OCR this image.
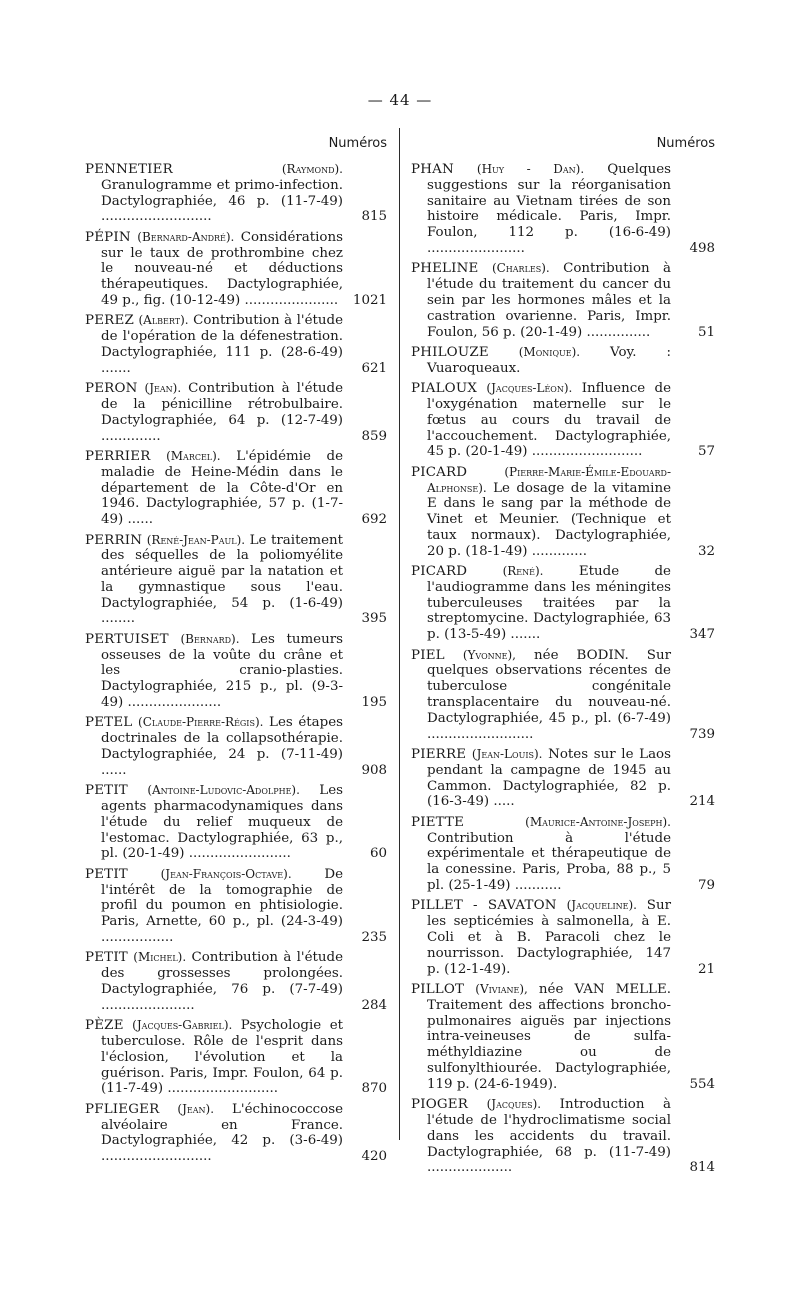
— 44 —
Numéros
PENNETIER	(Raymond). Granulogramme et primo-infection. Dactylographiée, 46 p. (11-7-49) ..........................	815
PÉPIN (Bernard-André). Considérations sur le taux de prothrombine chez le nouveau-né et déductions thérapeutiques. Dactylographiée, 49 p., fig. (10-12-49) ......................	1021
PEREZ (Albert). Contribution à l'étude de l'opération de la défenestration. Dactylographiée, 111 p. (28-6-49) .......	621
PERON (Jean). Contribution à l'étude de la pénicilline rétrobulbaire. Dactylographiée, 64 p. (12-7-49) ..............	859
PERRIER (Marcel). L'épidémie de maladie de Heine-Médin dans le département de la Côte-d'Or en 1946. Dactylographiée, 57 p. (1-7-49) ......	692
PERRIN (René-Jean-Paul). Le traitement des séquelles de la poliomyélite antérieure aiguë par la natation et la gymnastique sous l'eau. Dactylographiée, 54 p. (1-6-49) ........	395
PERTUISET (Bernard). Les tumeurs osseuses de la voûte du crâne et les cranio-plasties. Dactylographiée, 215 p., pl. (9-3-49) ......................	195
PETEL (Claude-Pierre-Régis). Les étapes doctrinales de la collapsothérapie. Dactylographiée, 24 p. (7-11-49) ......	908
PETIT (Antoine-Ludovic-Adolphe). Les agents pharmacodynamiques dans l'étude du relief muqueux de l'estomac. Dactylographiée, 63 p., pl. (20-1-49) ........................	60
PETIT	(Jean-François-Octave). De l'intérêt de la tomographie de profil du poumon en phtisiologie. Paris, Arnette, 60 p., pl. (24-3-49) .................	235
PETIT (Michel). Contribution à l'étude des grossesses prolongées. Dactylographiée, 76 p. (7-7-49) ......................	284
PÈZE (Jacques-Gabriel). Psychologie et tuberculose. Rôle de l'esprit dans l'éclosion, l'évolution et la guérison. Paris, Impr. Foulon, 64 p. (11-7-49) ..........................	870
PFLIEGER (Jean). L'échinococcose alvéolaire en France. Dactylographiée, 42 p. (3-6-49) ..........................	420
Numéros
PHAN (Huy - Dan). Quelques suggestions sur la réorganisation sanitaire au Vietnam tirées de son histoire médicale. Paris, Impr. Foulon, 112 p. (16-6-49) .......................	498
PHELINE (Charles). Contribution à l'étude du traitement du cancer du sein par les hormones mâles et la castration ovarienne. Paris, Impr. Foulon, 56 p. (20-1-49) ...............	51
PHILOUZE (Monique). Voy. : Vuaroqueaux.
PIALOUX (Jacques-Léon). Influence de l'oxygénation maternelle sur le fœtus au cours du travail de l'accouchement. Dactylographiée, 45 p. (20-1-49) ..........................	57
PICARD	(Pierre-Marie-Émile-Edouard-Alphonse). Le dosage de la vitamine E dans le sang par la méthode de Vinet et Meunier. (Technique et taux normaux). Dactylographiée, 20 p. (18-1-49) .............	32
PICARD	(René). Etude de l'audiogramme dans les méningites tuberculeuses traitées par la streptomycine. Dactylographiée, 63 p. (13-5-49) .......	347
PIEL (Yvonne), née BODIN. Sur quelques observations récentes de tuberculose congénitale transplacentaire du nouveau-né. Dactylographiée, 45 p., pl. (6-7-49) .........................	739
PIERRE (Jean-Louis). Notes sur le Laos pendant la campagne de 1945 au Cammon. Dactylographiée, 82 p. (16-3-49) .....	214
PIETTE	(Maurice-Antoine-Joseph). Contribution à l'étude expérimentale et thérapeutique de la conessine. Paris, Proba, 88 p., 5 pl. (25-1-49) ...........	79
PILLET - SAVATON (Jacqueline). Sur les septicémies à salmonella, à E. Coli et à B. Paracoli chez le nourrisson. Dactylographiée, 147 p. (12-1-49).	21
PILLOT (Viviane), née VAN MELLE. Traitement des affections broncho-pulmonaires aiguës par injections intra-veineuses de sulfa-méthyldiazine ou de sulfonylthiourée. Dactylographiée, 119 p. (24-6-1949).	554
PIOGER (Jacques). Introduction à l'étude de l'hydroclimatisme social dans les accidents du travail. Dactylographiée, 68 p. (11-7-49) ....................	814
